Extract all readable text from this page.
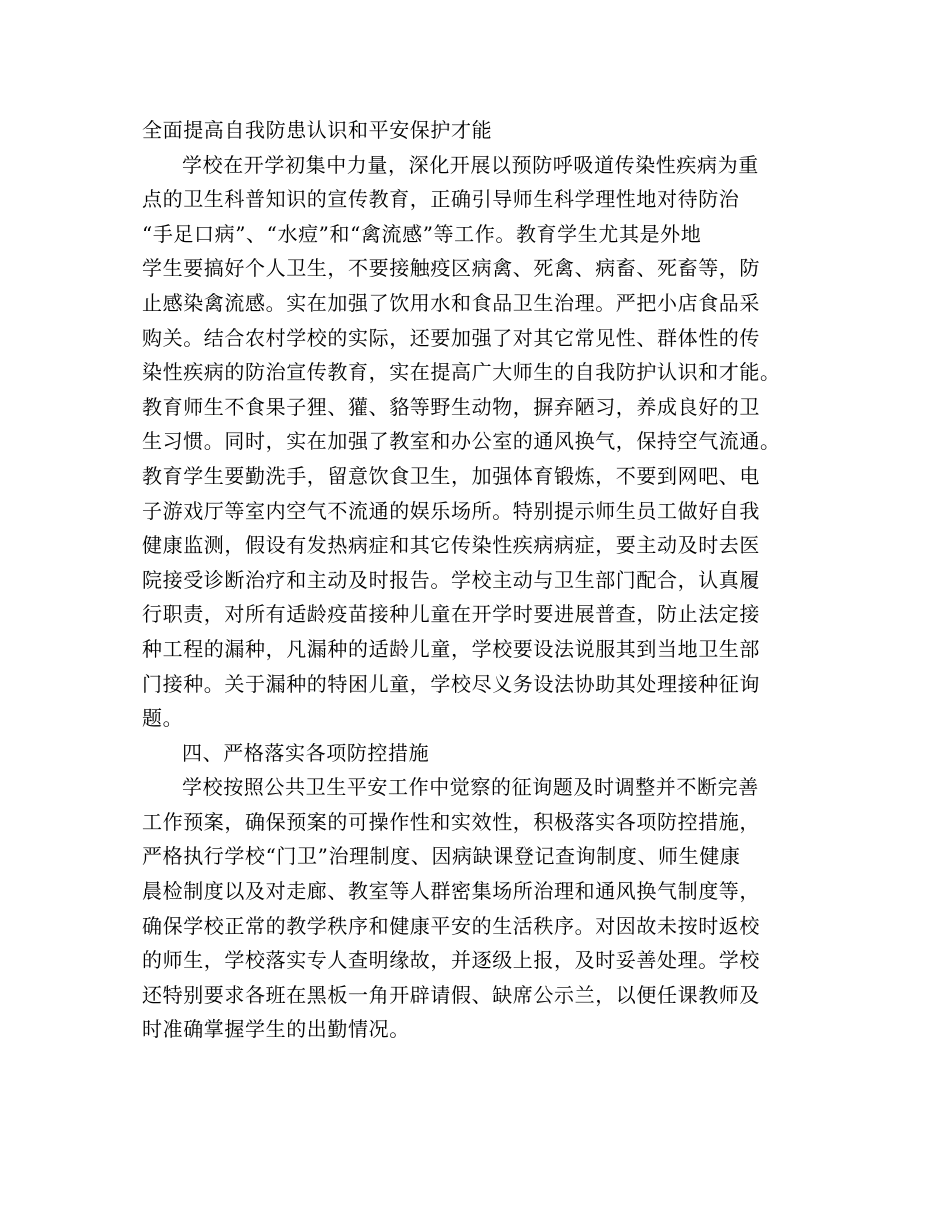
全面提高自我防患认识和平安保护才能
学校在开学初集中力量，深化开展以预防呼吸道传染性疾病为重
点的卫生科普知识的宣传教育，正确引导师生科学理性地对待防治
“手足口病”、“水痘”和“禽流感”等工作。教育学生尤其是外地
学生要搞好个人卫生，不要接触疫区病禽、死禽、病畜、死畜等，防
止感染禽流感。实在加强了饮用水和食品卫生治理。严把小店食品采
购关。结合农村学校的实际，还要加强了对其它常见性、群体性的传
染性疾病的防治宣传教育，实在提高广大师生的自我防护认识和才能。
教育师生不食果子狸、獾、貉等野生动物，摒弃陋习，养成良好的卫
生习惯。同时，实在加强了教室和办公室的通风换气，保持空气流通。
教育学生要勤洗手，留意饮食卫生，加强体育锻炼，不要到网吧、电
子游戏厅等室内空气不流通的娱乐场所。特别提示师生员工做好自我
健康监测，假设有发热病症和其它传染性疾病病症，要主动及时去医
院接受诊断治疗和主动及时报告。学校主动与卫生部门配合，认真履
行职责，对所有适龄疫苗接种儿童在开学时要进展普查，防止法定接
种工程的漏种，凡漏种的适龄儿童，学校要设法说服其到当地卫生部
门接种。关于漏种的特困儿童，学校尽义务设法协助其处理接种征询
题。
四、严格落实各项防控措施
学校按照公共卫生平安工作中觉察的征询题及时调整并不断完善
工作预案，确保预案的可操作性和实效性，积极落实各项防控措施，
严格执行学校“门卫”治理制度、因病缺课登记查询制度、师生健康
晨检制度以及对走廊、教室等人群密集场所治理和通风换气制度等，
确保学校正常的教学秩序和健康平安的生活秩序。对因故未按时返校
的师生，学校落实专人查明缘故，并逐级上报，及时妥善处理。学校
还特别要求各班在黑板一角开辟请假、缺席公示兰，以便任课教师及
时准确掌握学生的出勤情况。
